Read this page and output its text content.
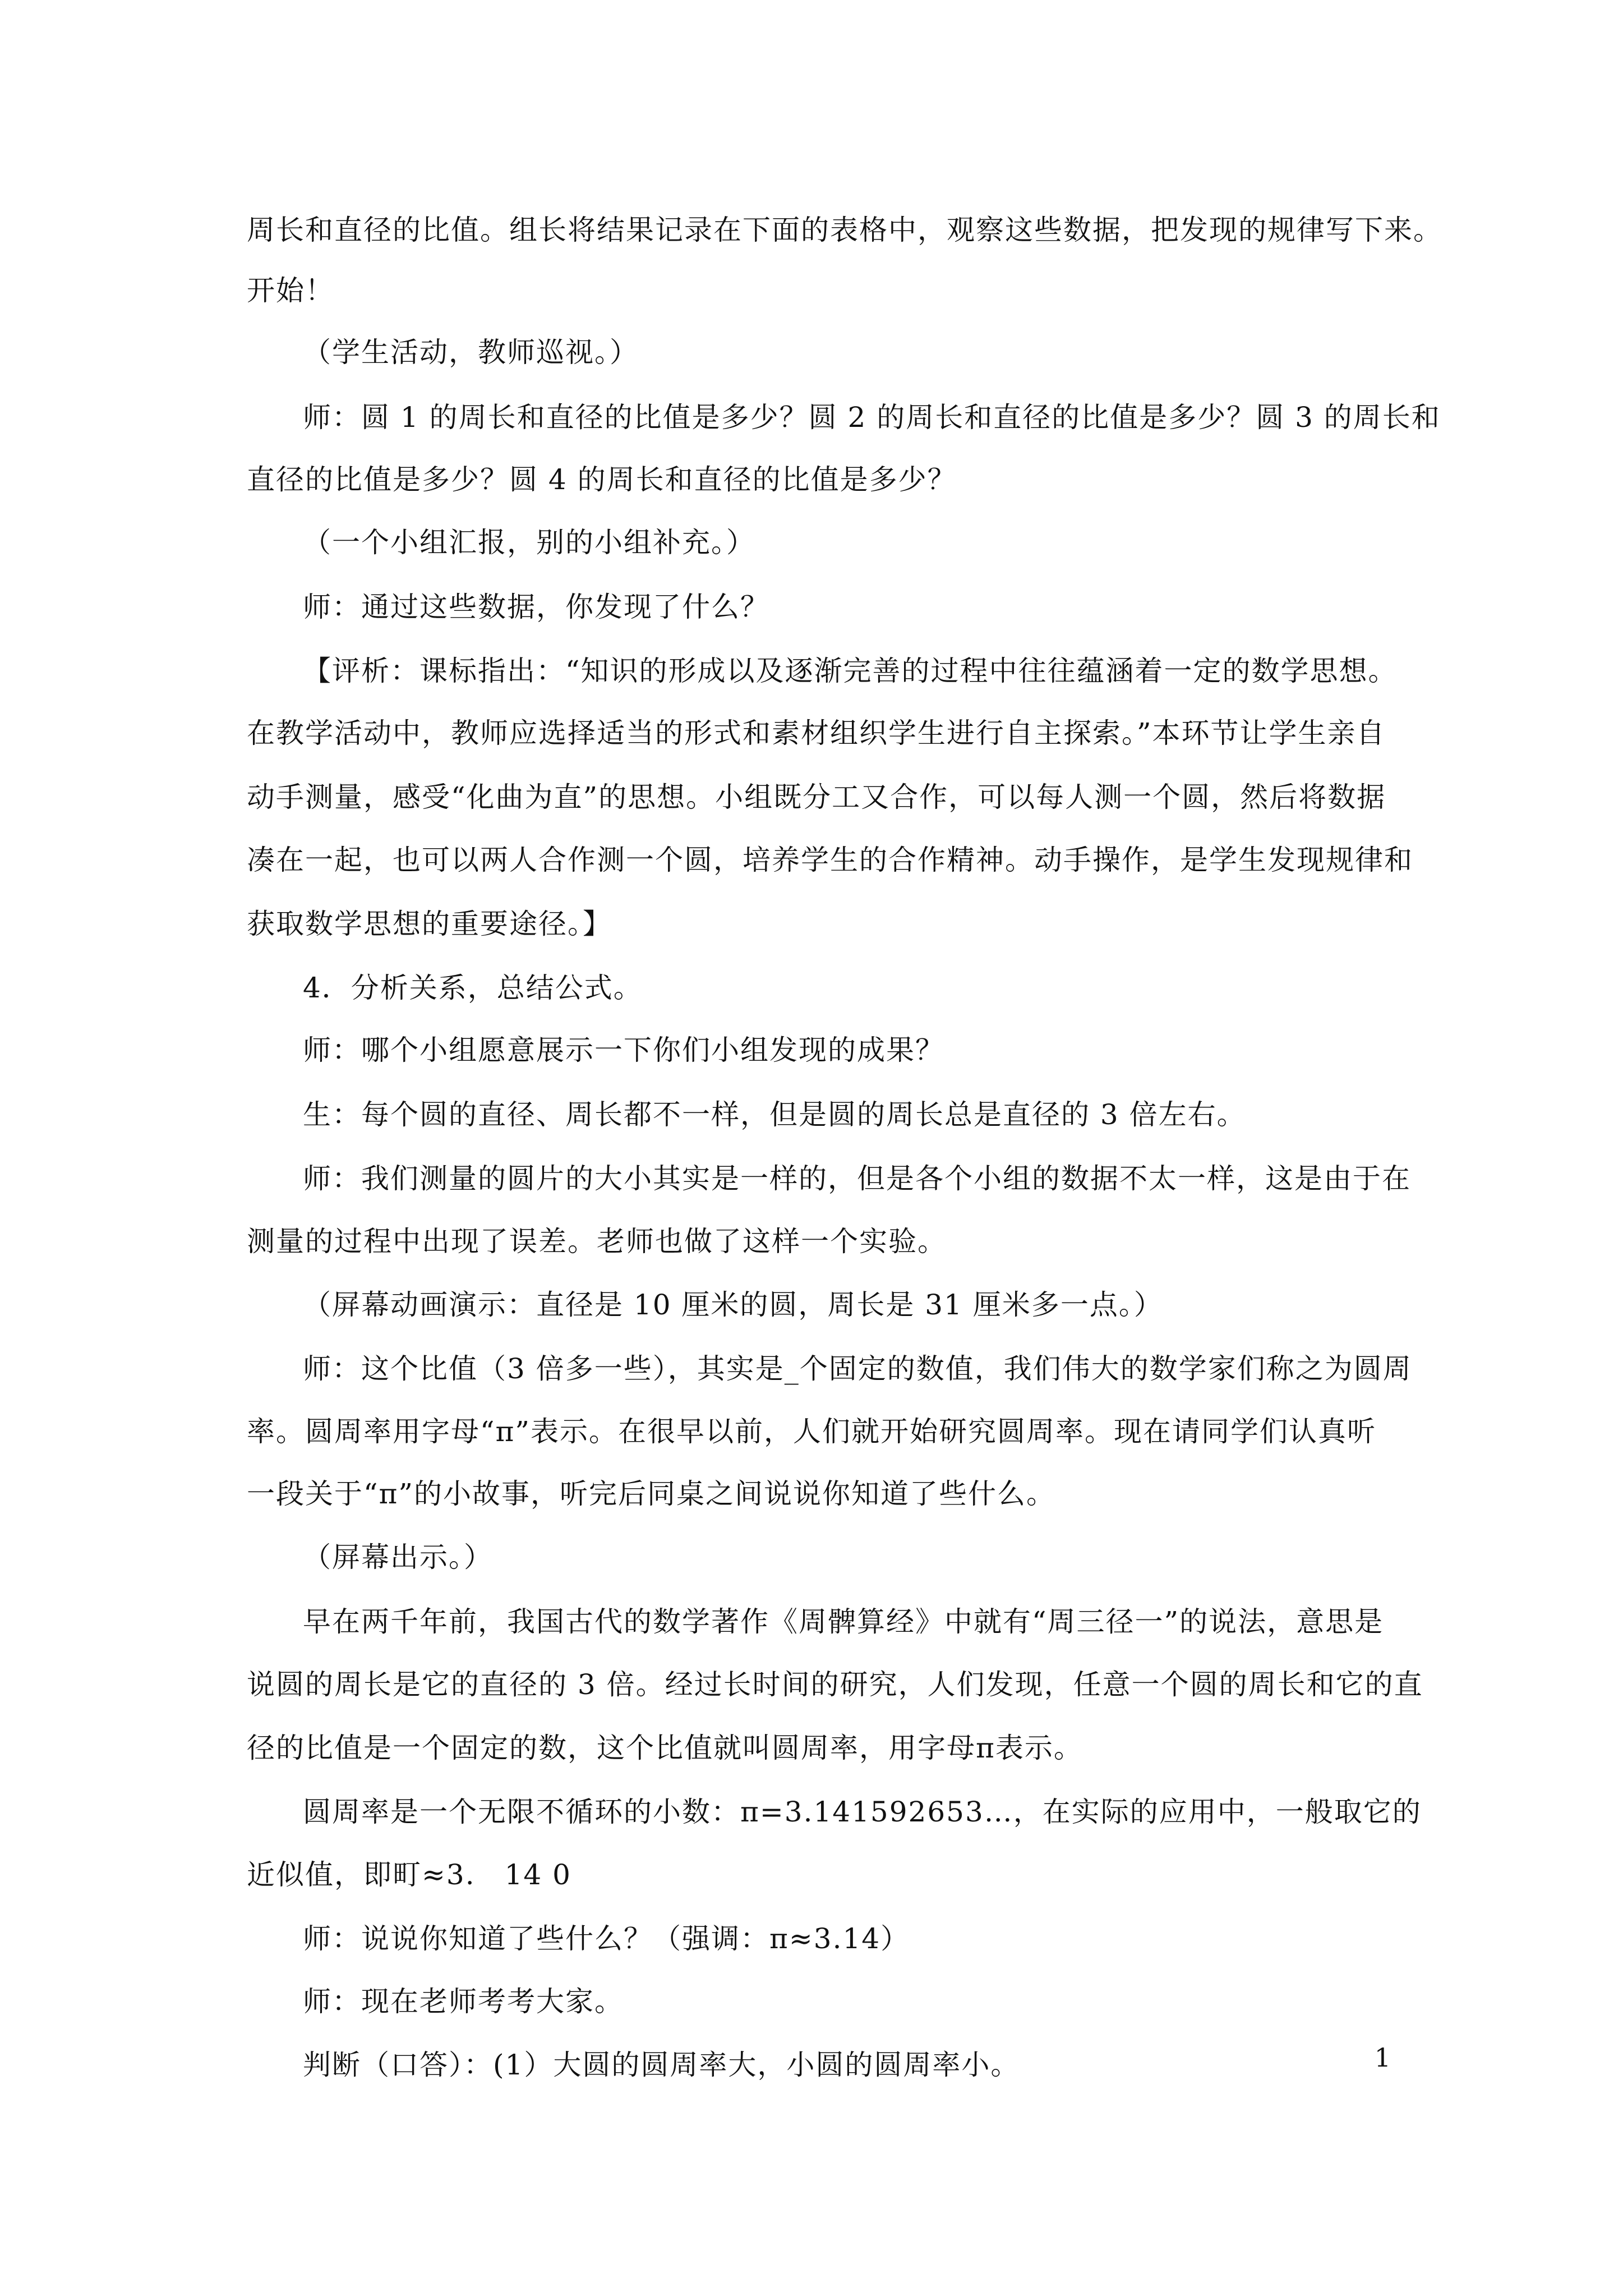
周长和直径的比值。组长将结果记录在下面的表格中，观察这些数据，把发现的规律写下来。
开始！
（学生活动，教师巡视。）
师：圆 1 的周长和直径的比值是多少？圆 2 的周长和直径的比值是多少？圆 3 的周长和
直径的比值是多少？圆 4 的周长和直径的比值是多少？
（一个小组汇报，别的小组补充。）
师：通过这些数据，你发现了什么？
【评析：课标指出：“知识的形成以及逐渐完善的过程中往往蕴涵着一定的数学思想。
在教学活动中，教师应选择适当的形式和素材组织学生进行自主探索。”本环节让学生亲自
动手测量，感受“化曲为直”的思想。小组既分工又合作，可以每人测一个圆，然后将数据
凑在一起，也可以两人合作测一个圆，培养学生的合作精神。动手操作，是学生发现规律和
获取数学思想的重要途径。】
4．分析关系，总结公式。
师：哪个小组愿意展示一下你们小组发现的成果？
生：每个圆的直径、周长都不一样，但是圆的周长总是直径的 3 倍左右。
师：我们测量的圆片的大小其实是一样的，但是各个小组的数据不太一样，这是由于在
测量的过程中出现了误差。老师也做了这样一个实验。
（屏幕动画演示：直径是 10 厘米的圆，周长是 31 厘米多一点。）
师：这个比值（3 倍多一些），其实是_个固定的数值，我们伟大的数学家们称之为圆周
率。圆周率用字母“π”表示。在很早以前，人们就开始研究圆周率。现在请同学们认真听
一段关于“π”的小故事，听完后同桌之间说说你知道了些什么。
（屏幕出示。）
早在两千年前，我国古代的数学著作《周髀算经》中就有“周三径一”的说法，意思是
说圆的周长是它的直径的 3 倍。经过长时间的研究，人们发现，任意一个圆的周长和它的直
径的比值是一个固定的数，这个比值就叫圆周率，用字母π表示。
圆周率是一个无限不循环的小数：π=3.141592653…，在实际的应用中，一般取它的
近似值，即町≈3.　14 0
师：说说你知道了些什么？（强调：π≈3.14）
师：现在老师考考大家。
判断（口答）：(1）大圆的圆周率大，小圆的圆周率小。	1
